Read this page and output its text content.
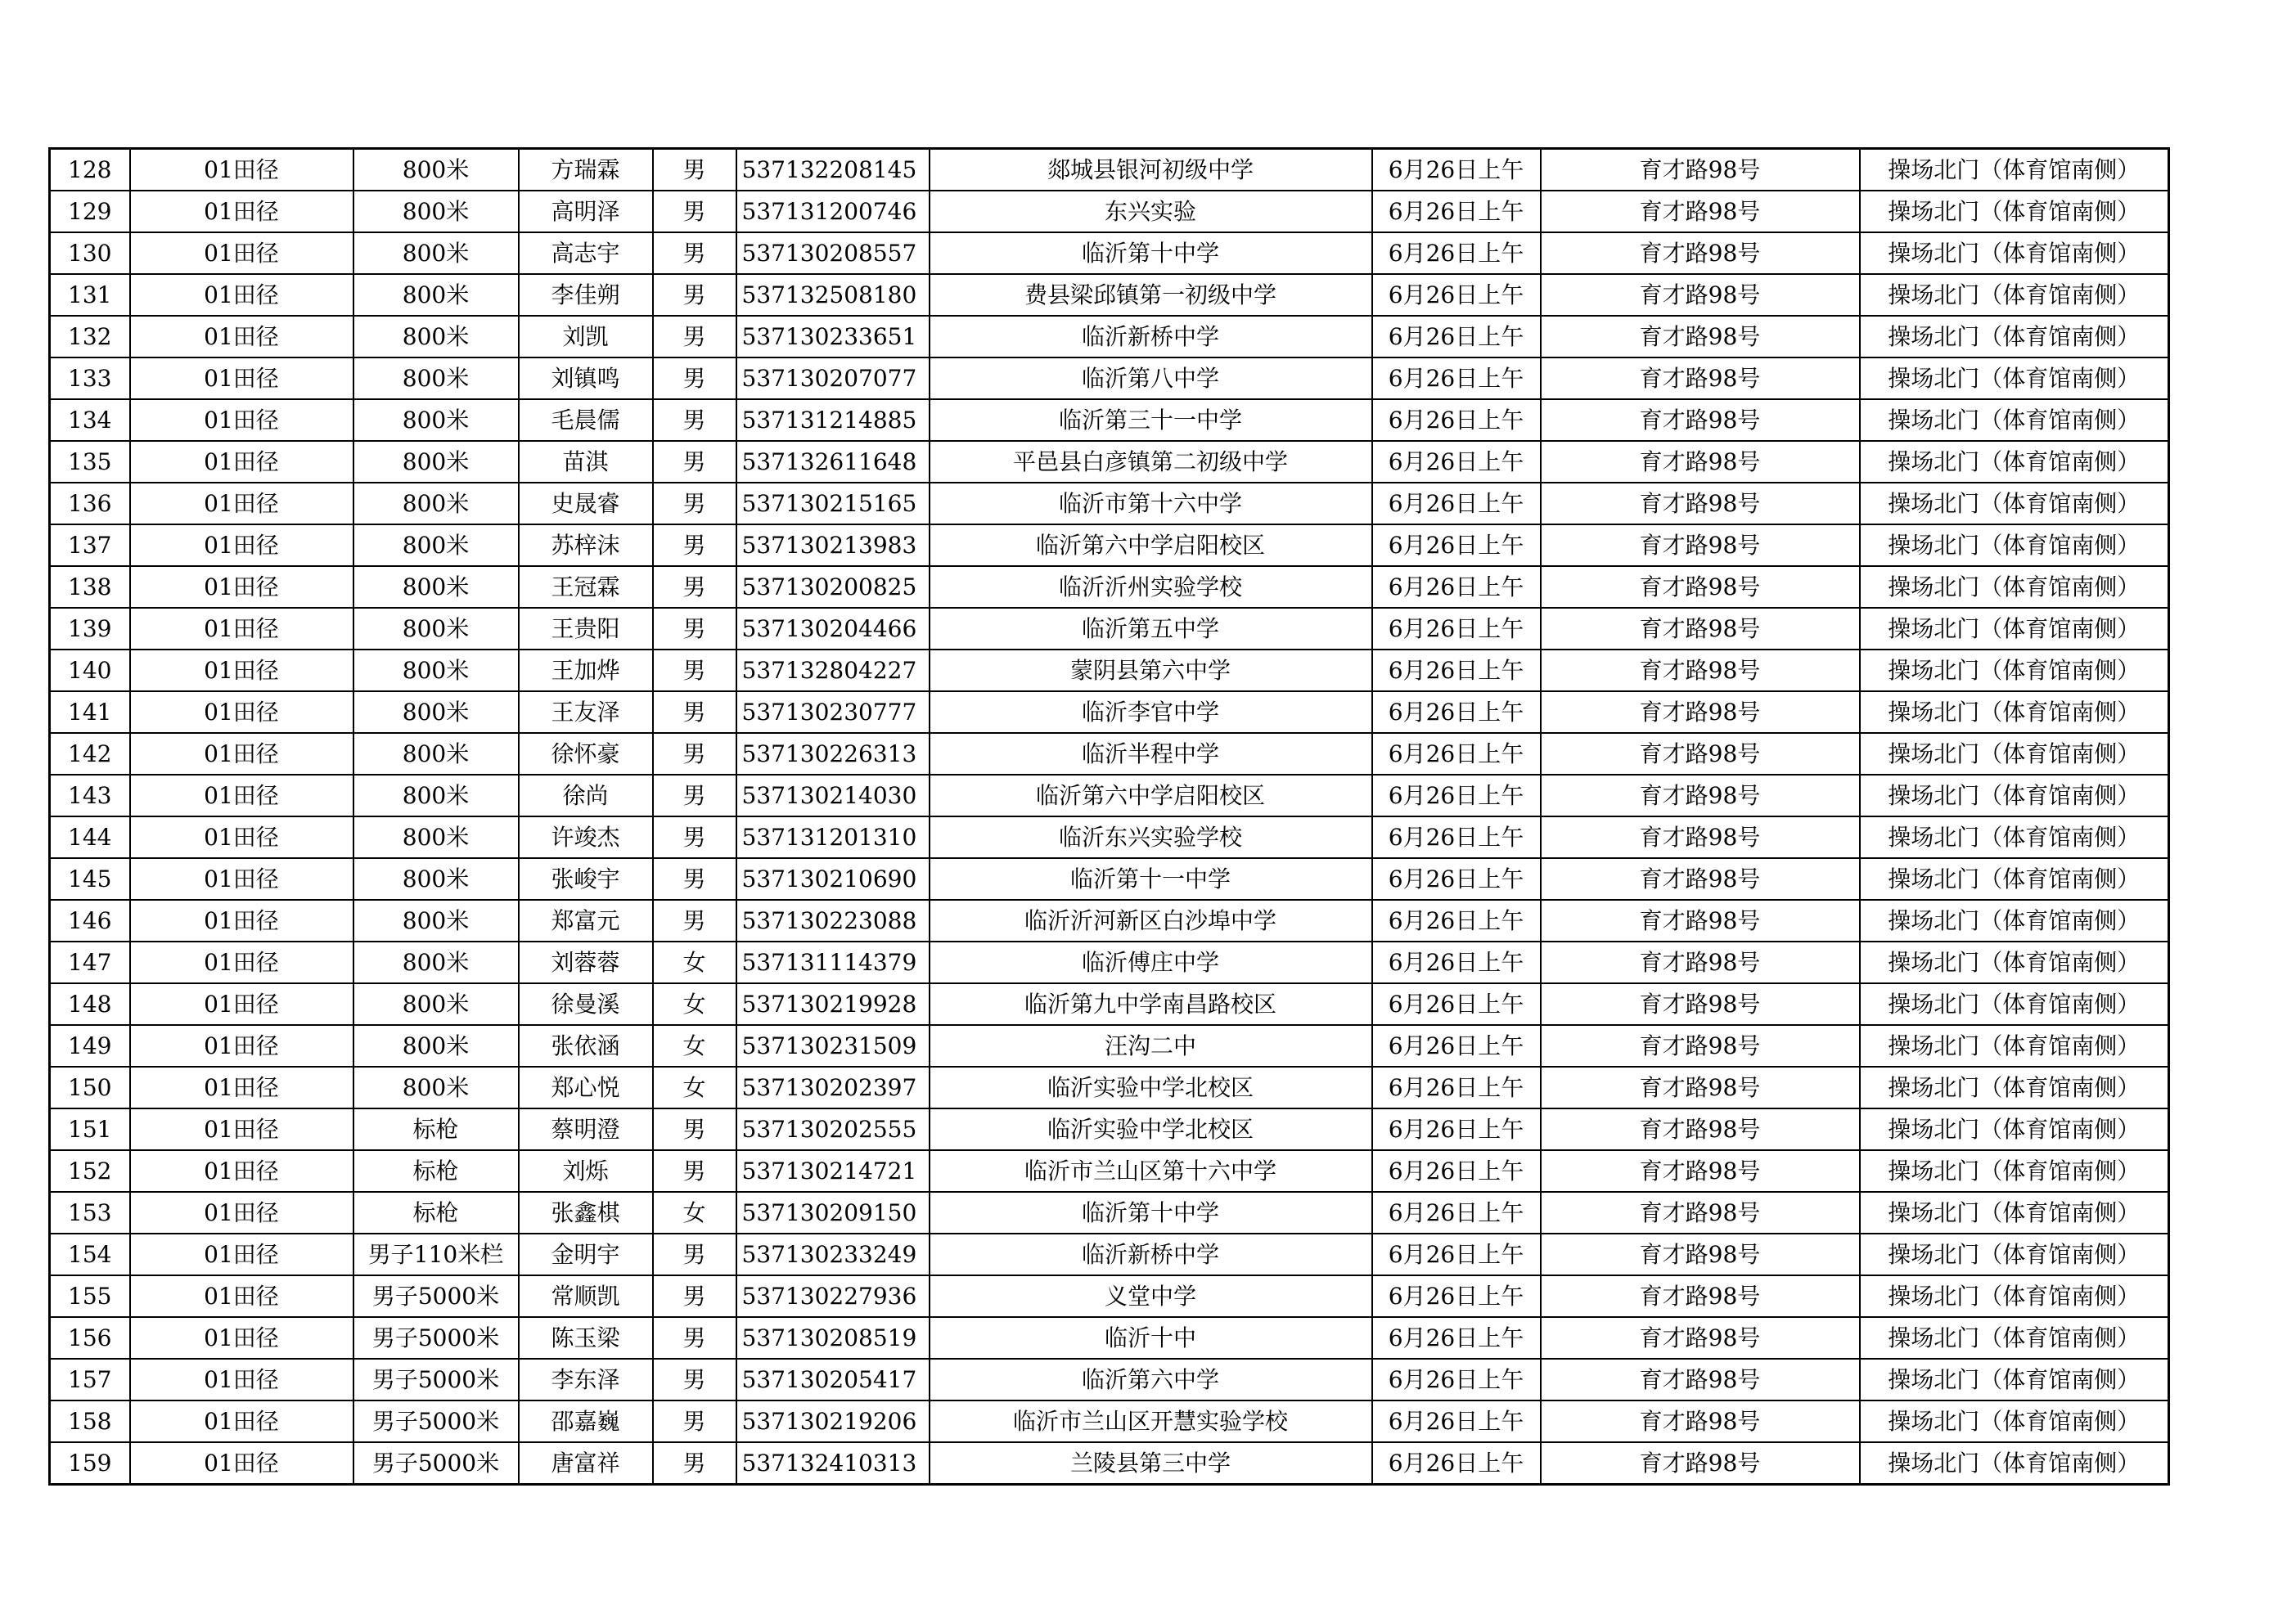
128	01田径	800米	方瑞霖	男	537132208145	郯城县银河初级中学	6月26日上午	育才路98号	操场北门（体育馆南侧）
129	01田径	800米	高明泽	男	537131200746	东兴实验	6月26日上午	育才路98号	操场北门（体育馆南侧）
130	01田径	800米	高志宇	男	537130208557	临沂第十中学	6月26日上午	育才路98号	操场北门（体育馆南侧）
131	01田径	800米	李佳朔	男	537132508180	费县梁邱镇第一初级中学	6月26日上午	育才路98号	操场北门（体育馆南侧）
132	01田径	800米	刘凯	男	537130233651	临沂新桥中学	6月26日上午	育才路98号	操场北门（体育馆南侧）
133	01田径	800米	刘镇鸣	男	537130207077	临沂第八中学	6月26日上午	育才路98号	操场北门（体育馆南侧）
134	01田径	800米	毛晨儒	男	537131214885	临沂第三十一中学	6月26日上午	育才路98号	操场北门（体育馆南侧）
135	01田径	800米	苗淇	男	537132611648	平邑县白彦镇第二初级中学	6月26日上午	育才路98号	操场北门（体育馆南侧）
136	01田径	800米	史晟睿	男	537130215165	临沂市第十六中学	6月26日上午	育才路98号	操场北门（体育馆南侧）
137	01田径	800米	苏梓沫	男	537130213983	临沂第六中学启阳校区	6月26日上午	育才路98号	操场北门（体育馆南侧）
138	01田径	800米	王冠霖	男	537130200825	临沂沂州实验学校	6月26日上午	育才路98号	操场北门（体育馆南侧）
139	01田径	800米	王贵阳	男	537130204466	临沂第五中学	6月26日上午	育才路98号	操场北门（体育馆南侧）
140	01田径	800米	王加烨	男	537132804227	蒙阴县第六中学	6月26日上午	育才路98号	操场北门（体育馆南侧）
141	01田径	800米	王友泽	男	537130230777	临沂李官中学	6月26日上午	育才路98号	操场北门（体育馆南侧）
142	01田径	800米	徐怀豪	男	537130226313	临沂半程中学	6月26日上午	育才路98号	操场北门（体育馆南侧）
143	01田径	800米	徐尚	男	537130214030	临沂第六中学启阳校区	6月26日上午	育才路98号	操场北门（体育馆南侧）
144	01田径	800米	许竣杰	男	537131201310	临沂东兴实验学校	6月26日上午	育才路98号	操场北门（体育馆南侧）
145	01田径	800米	张峻宇	男	537130210690	临沂第十一中学	6月26日上午	育才路98号	操场北门（体育馆南侧）
146	01田径	800米	郑富元	男	537130223088	临沂沂河新区白沙埠中学	6月26日上午	育才路98号	操场北门（体育馆南侧）
147	01田径	800米	刘蓉蓉	女	537131114379	临沂傅庄中学	6月26日上午	育才路98号	操场北门（体育馆南侧）
148	01田径	800米	徐曼溪	女	537130219928	临沂第九中学南昌路校区	6月26日上午	育才路98号	操场北门（体育馆南侧）
149	01田径	800米	张依涵	女	537130231509	汪沟二中	6月26日上午	育才路98号	操场北门（体育馆南侧）
150	01田径	800米	郑心悦	女	537130202397	临沂实验中学北校区	6月26日上午	育才路98号	操场北门（体育馆南侧）
151	01田径	标枪	蔡明澄	男	537130202555	临沂实验中学北校区	6月26日上午	育才路98号	操场北门（体育馆南侧）
152	01田径	标枪	刘烁	男	537130214721	临沂市兰山区第十六中学	6月26日上午	育才路98号	操场北门（体育馆南侧）
153	01田径	标枪	张鑫棋	女	537130209150	临沂第十中学	6月26日上午	育才路98号	操场北门（体育馆南侧）
154	01田径	男子110米栏	金明宇	男	537130233249	临沂新桥中学	6月26日上午	育才路98号	操场北门（体育馆南侧）
155	01田径	男子5000米	常顺凯	男	537130227936	义堂中学	6月26日上午	育才路98号	操场北门（体育馆南侧）
156	01田径	男子5000米	陈玉梁	男	537130208519	临沂十中	6月26日上午	育才路98号	操场北门（体育馆南侧）
157	01田径	男子5000米	李东泽	男	537130205417	临沂第六中学	6月26日上午	育才路98号	操场北门（体育馆南侧）
158	01田径	男子5000米	邵嘉巍	男	537130219206	临沂市兰山区开慧实验学校	6月26日上午	育才路98号	操场北门（体育馆南侧）
159	01田径	男子5000米	唐富祥	男	537132410313	兰陵县第三中学	6月26日上午	育才路98号	操场北门（体育馆南侧）
